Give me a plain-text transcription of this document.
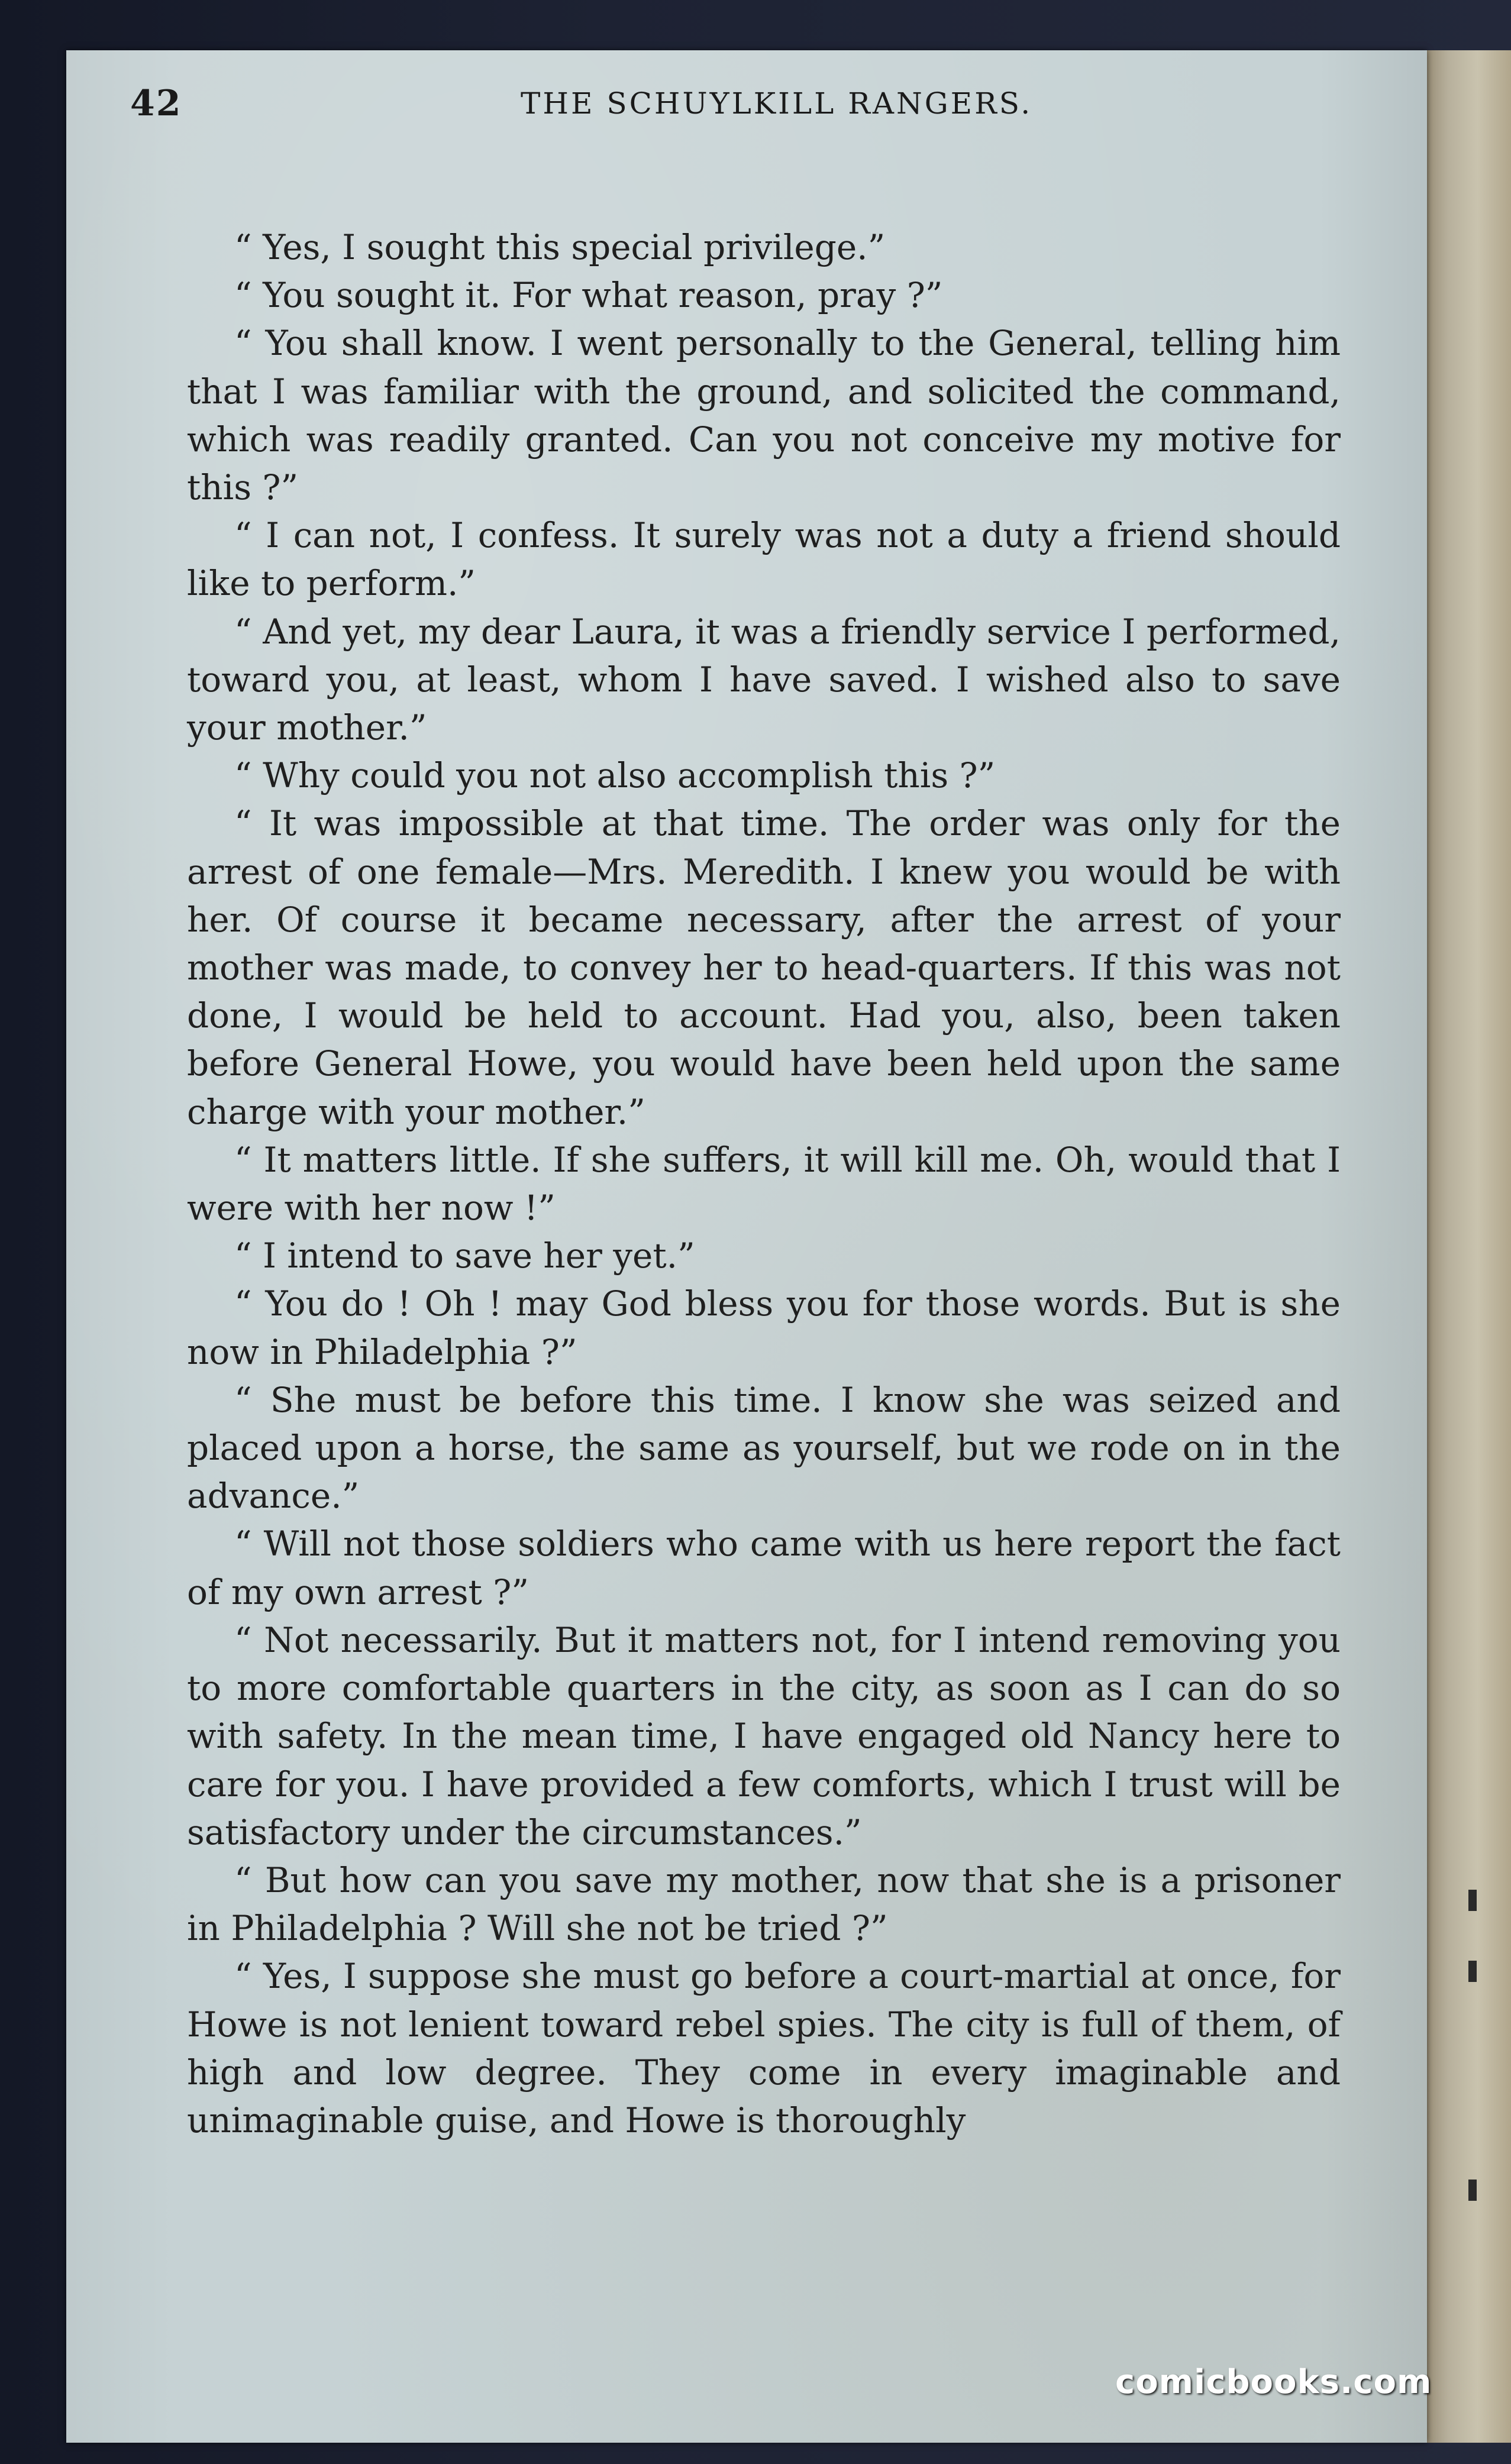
42	THE SCHUYLKILL RANGERS.

“ Yes, I sought this special privilege.”

“ You sought it. For what reason, pray ?”

“ You shall know. I went personally to the General, telling him that I was familiar with the ground, and solicited the command, which was readily granted. Can you not conceive my motive for this ?”

“ I can not, I confess. It surely was not a duty a friend should like to perform.”

“ And yet, my dear Laura, it was a friendly service I performed, toward you, at least, whom I have saved. I wished also to save your mother.”

“ Why could you not also accomplish this ?”

“ It was impossible at that time. The order was only for the arrest of one female—Mrs. Meredith. I knew you would be with her. Of course it became necessary, after the arrest of your mother was made, to convey her to head-quarters. If this was not done, I would be held to account. Had you, also, been taken before General Howe, you would have been held upon the same charge with your mother.”

“ It matters little. If she suffers, it will kill me. Oh, would that I were with her now !”

“ I intend to save her yet.”

“ You do ! Oh ! may God bless you for those words. But is she now in Philadelphia ?”

“ She must be before this time. I know she was seized and placed upon a horse, the same as yourself, but we rode on in the advance.”

“ Will not those soldiers who came with us here report the fact of my own arrest ?”

“ Not necessarily. But it matters not, for I intend removing you to more comfortable quarters in the city, as soon as I can do so with safety. In the mean time, I have engaged old Nancy here to care for you. I have provided a few comforts, which I trust will be satisfactory under the circumstances.”

“ But how can you save my mother, now that she is a prisoner in Philadelphia ? Will she not be tried ?”

“ Yes, I suppose she must go before a court-martial at once, for Howe is not lenient toward rebel spies. The city is full of them, of high and low degree. They come in every imaginable and unimaginable guise, and Howe is thoroughly

comicbooks.com
